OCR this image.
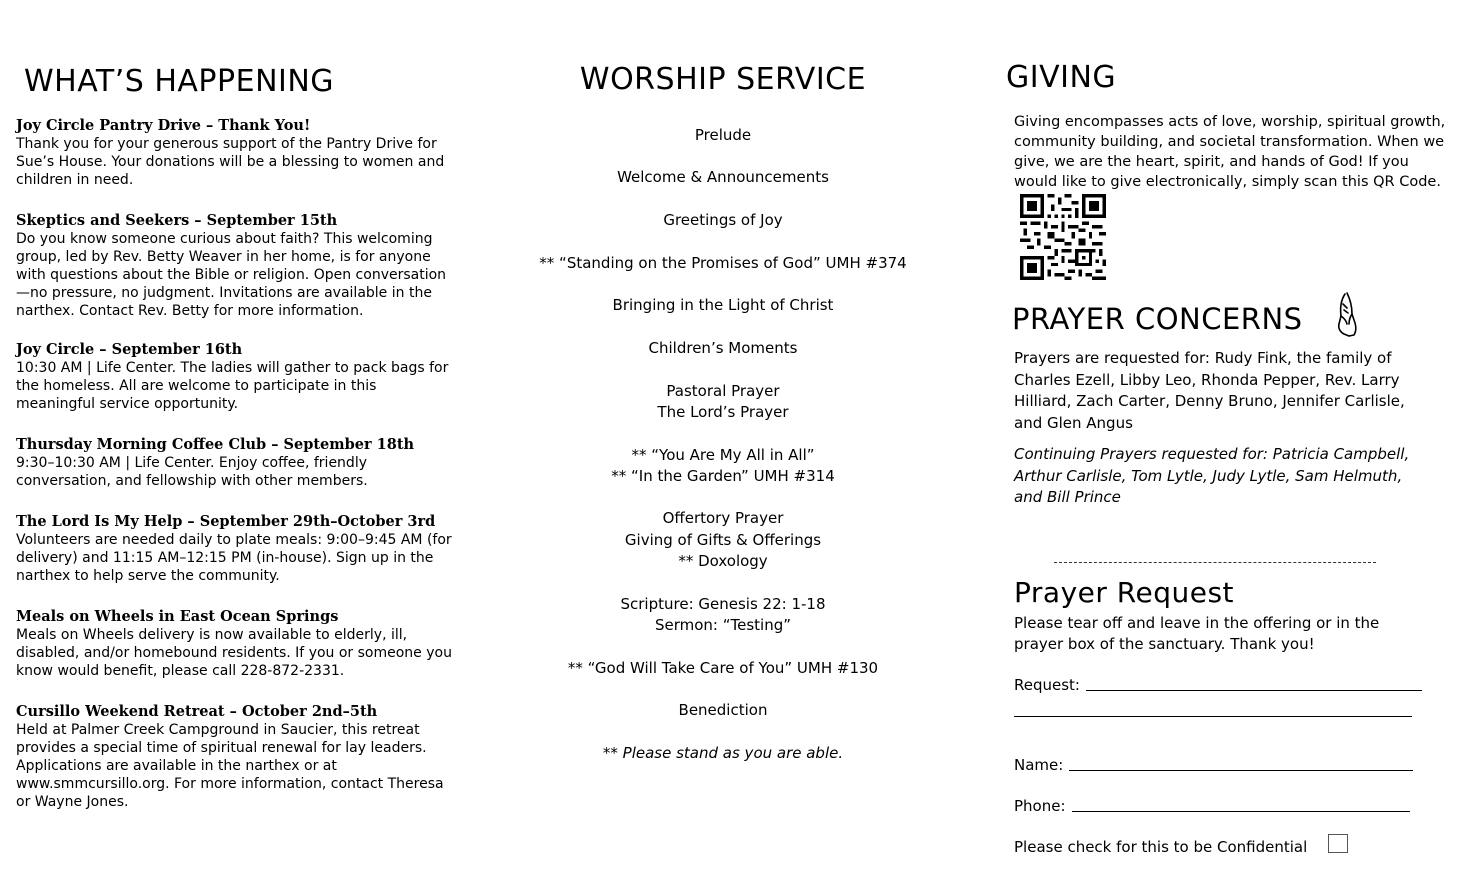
WHAT’S HAPPENING
Joy Circle Pantry Drive – Thank You!
Thank you for your generous support of the Pantry Drive for Sue’s House. Your donations will be a blessing to women and children in need.
Skeptics and Seekers – September 15th
Do you know someone curious about faith? This welcoming group, led by Rev. Betty Weaver in her home, is for anyone with questions about the Bible or religion. Open conversation—no pressure, no judgment. Invitations are available in the narthex. Contact Rev. Betty for more information.
Joy Circle – September 16th
10:30 AM | Life Center. The ladies will gather to pack bags for the homeless. All are welcome to participate in this meaningful service opportunity.
Thursday Morning Coffee Club – September 18th
9:30–10:30 AM | Life Center. Enjoy coffee, friendly conversation, and fellowship with other members.
The Lord Is My Help – September 29th–October 3rd
Volunteers are needed daily to plate meals: 9:00–9:45 AM (for delivery) and 11:15 AM–12:15 PM (in-house). Sign up in the narthex to help serve the community.
Meals on Wheels in East Ocean Springs
Meals on Wheels delivery is now available to elderly, ill, disabled, and/or homebound residents. If you or someone you know would benefit, please call 228-872-2331.
Cursillo Weekend Retreat – October 2nd–5th
Held at Palmer Creek Campground in Saucier, this retreat provides a special time of spiritual renewal for lay leaders. Applications are available in the narthex or at www.smmcursillo.org. For more information, contact Theresa or Wayne Jones.
WORSHIP SERVICE
Prelude
Welcome & Announcements
Greetings of Joy
** “Standing on the Promises of God” UMH #374
Bringing in the Light of Christ
Children’s Moments
Pastoral Prayer
The Lord’s Prayer
** “You Are My All in All”
** “In the Garden” UMH #314
Offertory Prayer
Giving of Gifts & Offerings
** Doxology
Scripture: Genesis 22: 1-18
Sermon: “Testing”
** “God Will Take Care of You” UMH #130
Benediction
** Please stand as you are able.
GIVING
Giving encompasses acts of love, worship, spiritual growth, community building, and societal transformation. When we give, we are the heart, spirit, and hands of God! If you would like to give electronically, simply scan this QR Code.
PRAYER CONCERNS
Prayers are requested for: Rudy Fink, the family of Charles Ezell, Libby Leo, Rhonda Pepper, Rev. Larry Hilliard, Zach Carter, Denny Bruno, Jennifer Carlisle, and Glen Angus
Continuing Prayers requested for: Patricia Campbell, Arthur Carlisle, Tom Lytle, Judy Lytle, Sam Helmuth, and Bill Prince
Prayer Request
Please tear off and leave in the offering or in the prayer box of the sanctuary. Thank you!
Request:
Name:
Phone:
Please check for this to be Confidential
